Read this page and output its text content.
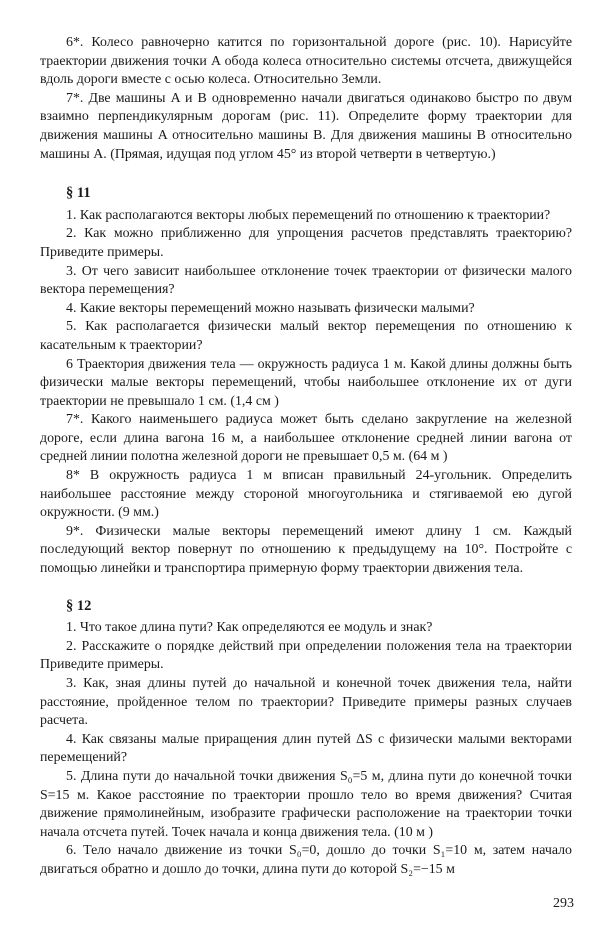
6*. Колесо равночерно катится по горизонтальной дороге (рис. 10). Нарисуйте траектории движения точки A обода колеса относительно системы отсчета, движущейся вдоль дороги вместе с осью колеса. Относительно Земли.

7*. Две машины A и B одновременно начали двигаться одинаково быстро по двум взаимно перпендикулярным дорогам (рис. 11). Определите форму траектории для движения машины A относительно машины B. Для движения машины B относительно машины A. (Прямая, идущая под углом 45° из второй четверти в четвертую.)

§ 11

1. Как располагаются векторы любых перемещений по отношению к траектории?

2. Как можно приближенно для упрощения расчетов представлять траекторию? Приведите примеры.

3. От чего зависит наибольшее отклонение точек траектории от физически малого вектора перемещения?

4. Какие векторы перемещений можно называть физически малыми?

5. Как располагается физически малый вектор перемещения по отношению к касательным к траектории?

6 Траектория движения тела — окружность радиуса 1 м. Какой длины должны быть физически малые векторы перемещений, чтобы наибольшее отклонение их от дуги траектории не превышало 1 см. (1,4 см )

7*. Какого наименьшего радиуса может быть сделано закругление на железной дороге, если длина вагона 16 м, а наибольшее отклонение средней линии вагона от средней линии полотна железной дороги не превышает 0,5 м. (64 м )

8* В окружность радиуса 1 м вписан правильный 24-угольник. Определить наибольшее расстояние между стороной многоугольника и стягиваемой ею дугой окружности. (9 мм.)

9*. Физически малые векторы перемещений имеют длину 1 см. Каждый последующий вектор повернут по отношению к предыдущему на 10°. Постройте с помощью линейки и транспортира примерную форму траектории движения тела.

§ 12

1. Что такое длина пути? Как определяются ее модуль и знак?

2. Расскажите о порядке действий при определении положения тела на траектории Приведите примеры.

3. Как, зная длины путей до начальной и конечной точек движения тела, найти расстояние, пройденное телом по траектории? Приведите примеры разных случаев расчета.

4. Как связаны малые приращения длин путей ΔS с физически малыми векторами перемещений?

5. Длина пути до начальной точки движения S₀=5 м, длина пути до конечной точки S=15 м. Какое расстояние по траектории прошло тело во время движения? Считая движение прямолинейным, изобразите графически расположение на траектории точки начала отсчета путей. Точек начала и конца движения тела. (10 м )

6. Тело начало движение из точки S₀=0, дошло до точки S₁=10 м, затем начало двигаться обратно и дошло до точки, длина пути до которой S₂=−15 м

293
